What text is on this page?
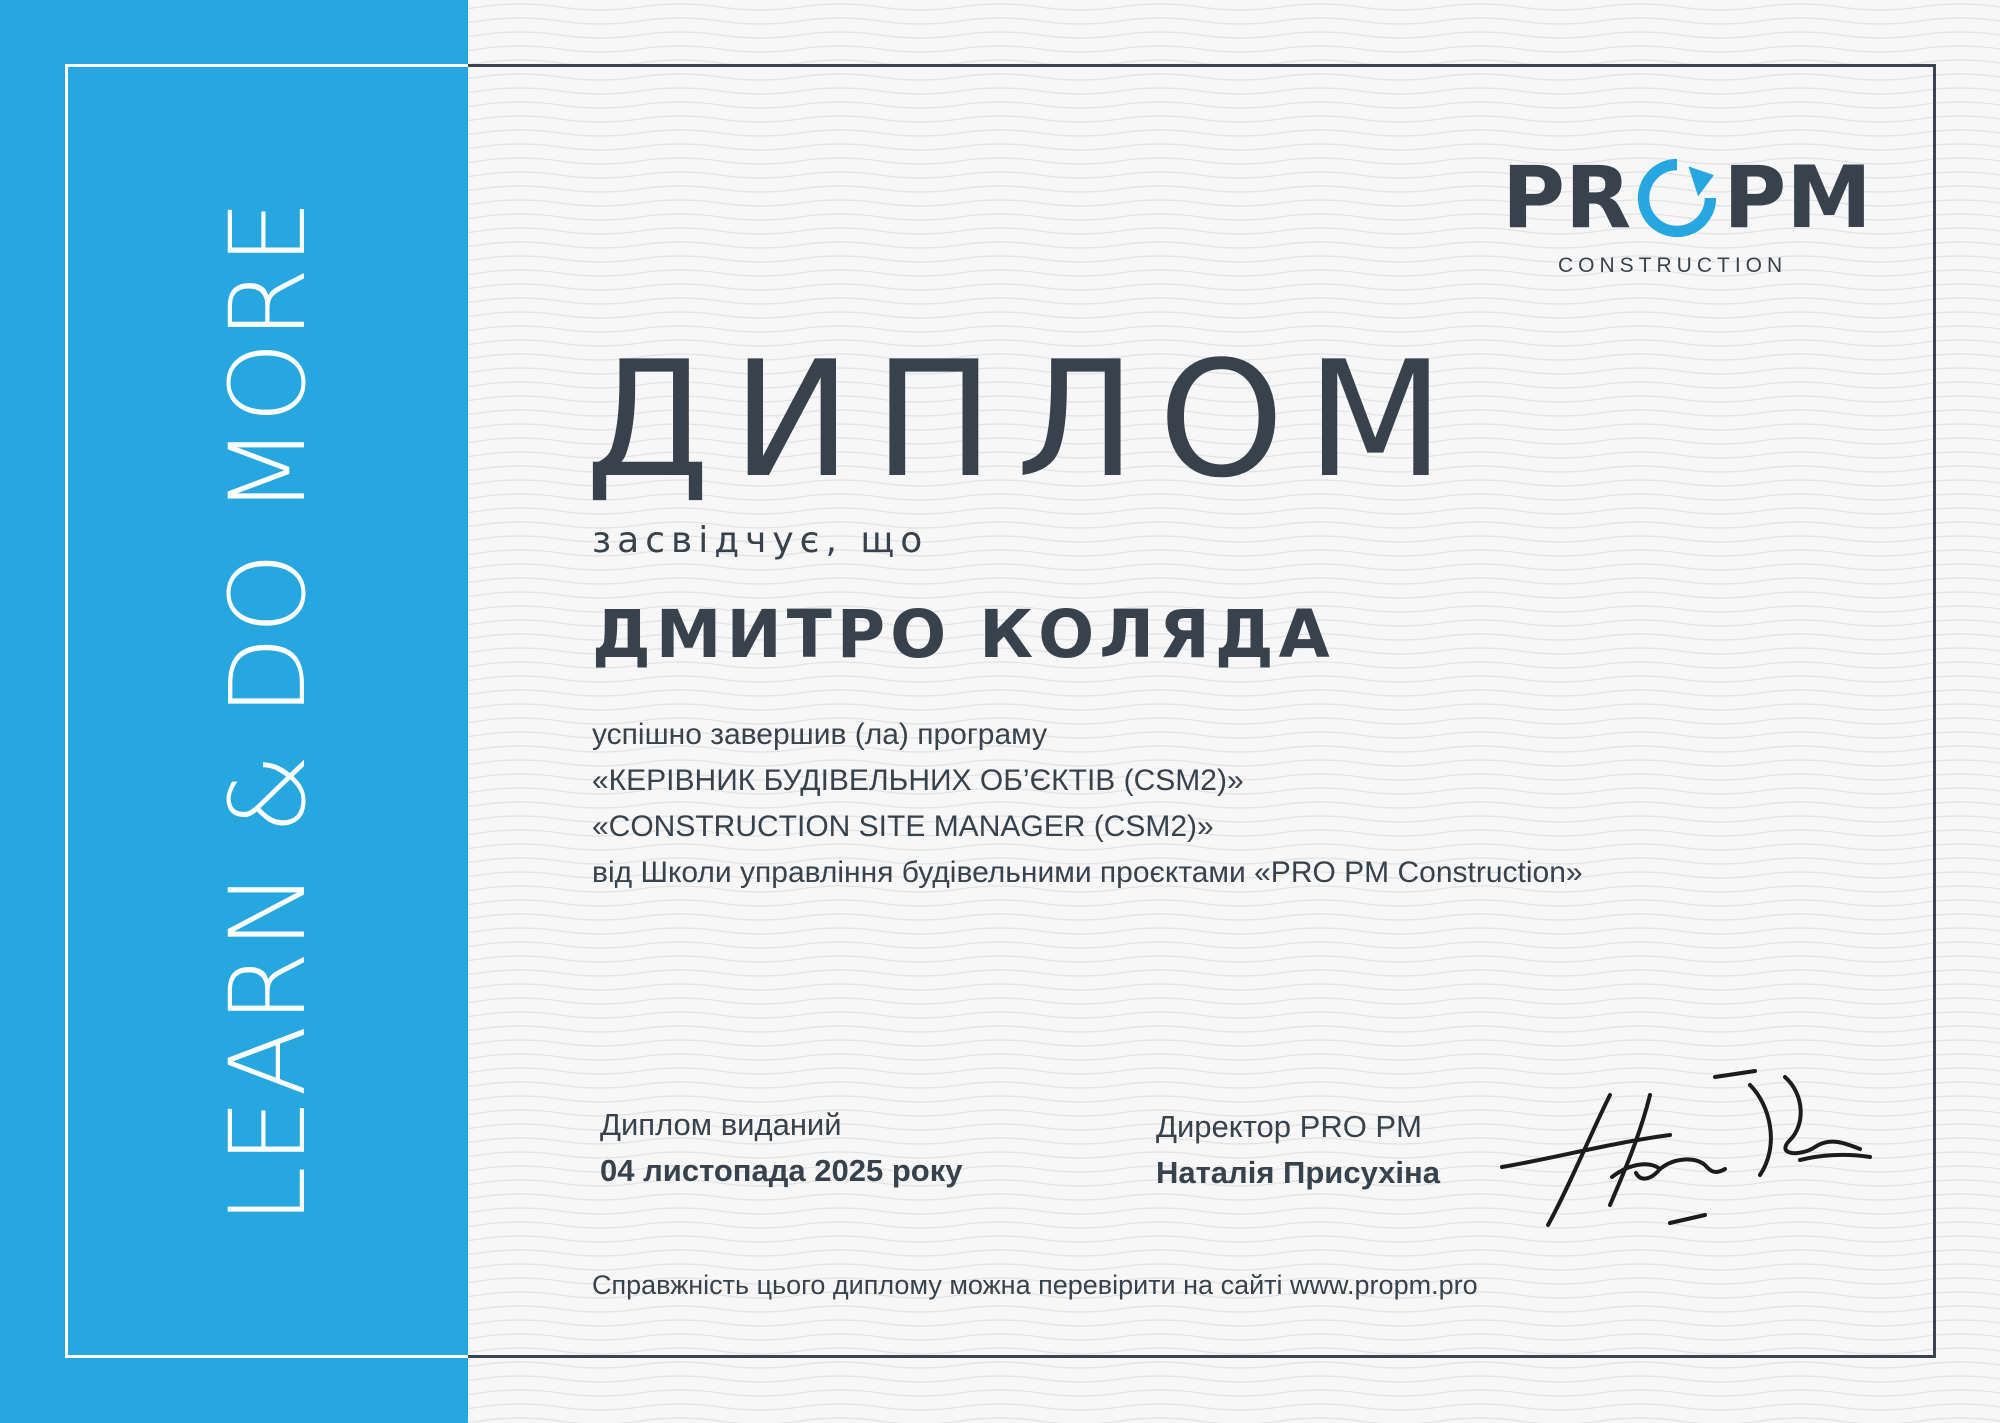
LEARN & DO MORE	PR PM
CONSTRUCTION
ДИПЛОМ
засвідчує, що
ДМИТРО КОЛЯДА
успішно завершив (ла) програму
«КЕРІВНИК БУДІВЕЛЬНИХ ОБ’ЄКТІВ (CSM2)»
«CONSTRUCTION SITE MANAGER (CSM2)»
від Школи управління будівельними проєктами «PRO PM Construction»
Диплом виданий
04 листопада 2025 року
Директор PRO PM
Наталія Присухіна
Справжність цього диплому можна перевірити на сайті www.propm.pro
